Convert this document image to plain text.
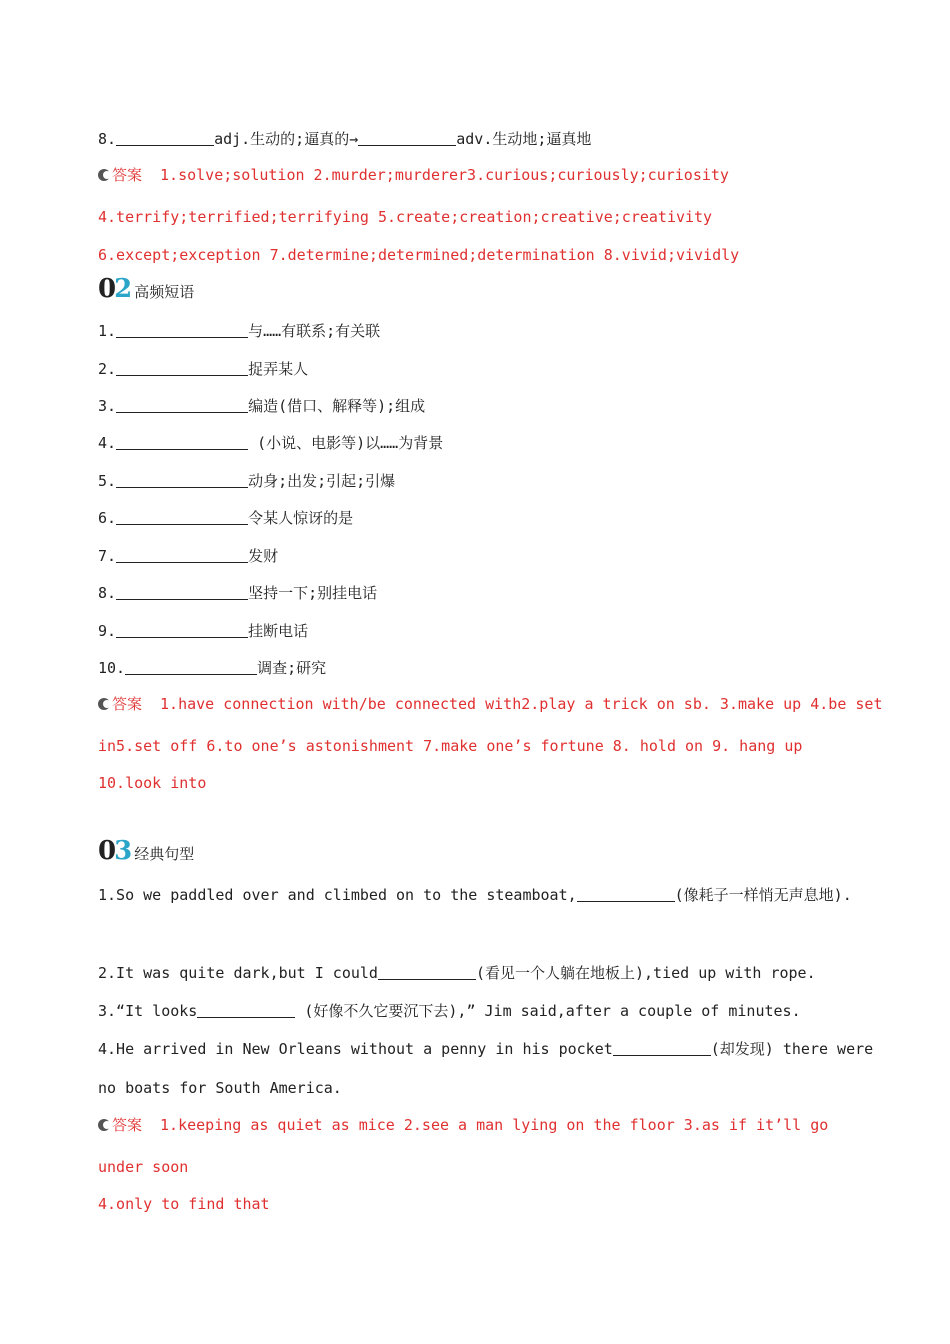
8.	adj.生动的;逼真的→	adv.生动地;逼真地
答案 1.solve;solution 2.murder;murderer3.curious;curiously;curiosity
4.terrify;terrified;terrifying 5.create;creation;creative;creativity
6.except;exception 7.determine;determined;determination 8.vivid;vividly
02 高频短语
1.	与……有联系;有关联
2.	捉弄某人
3.	编造(借口、解释等);组成
4.	(小说、电影等)以……为背景
5.	动身;出发;引起;引爆
6.	令某人惊讶的是
7.	发财
8.	坚持一下;别挂电话
9.	挂断电话
10.	调查;研究
答案 1.have connection with/be connected with2.play a trick on sb. 3.make up 4.be set
in5.set off 6.to one’s astonishment 7.make one’s fortune 8. hold on 9. hang up
10.look into
03 经典句型
1.So we paddled over and climbed on to the steamboat,	(像耗子一样悄无声息地).
2.It was quite dark,but I could	(看见一个人躺在地板上),tied up with rope.
3.“It looks	(好像不久它要沉下去),” Jim said,after a couple of minutes.
4.He arrived in New Orleans without a penny in his pocket	(却发现) there were
no boats for South America.
答案 1.keeping as quiet as mice 2.see a man lying on the floor 3.as if it’ll go
under soon
4.only to find that
